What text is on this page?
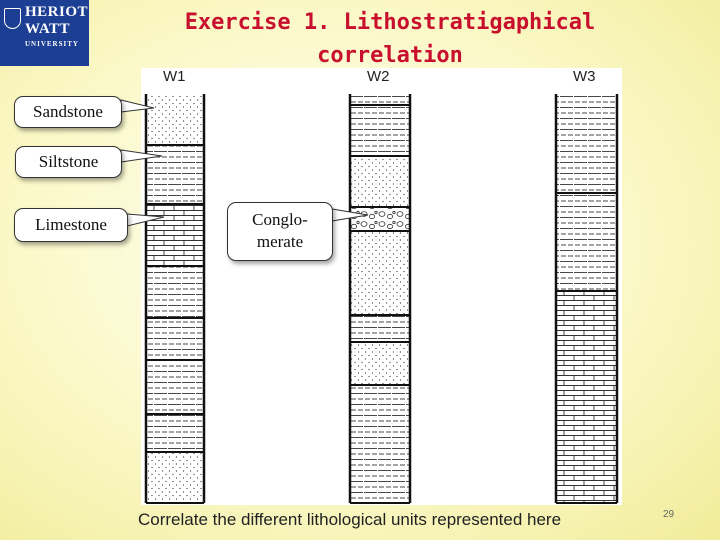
HERIOT
WATT
UNIVERSITY
Exercise 1. Lithostratigaphical
correlation
W1	W2	W3
Sandstone
Siltstone
Limestone	Conglo-
merate
Correlate the different lithological units represented here	29
